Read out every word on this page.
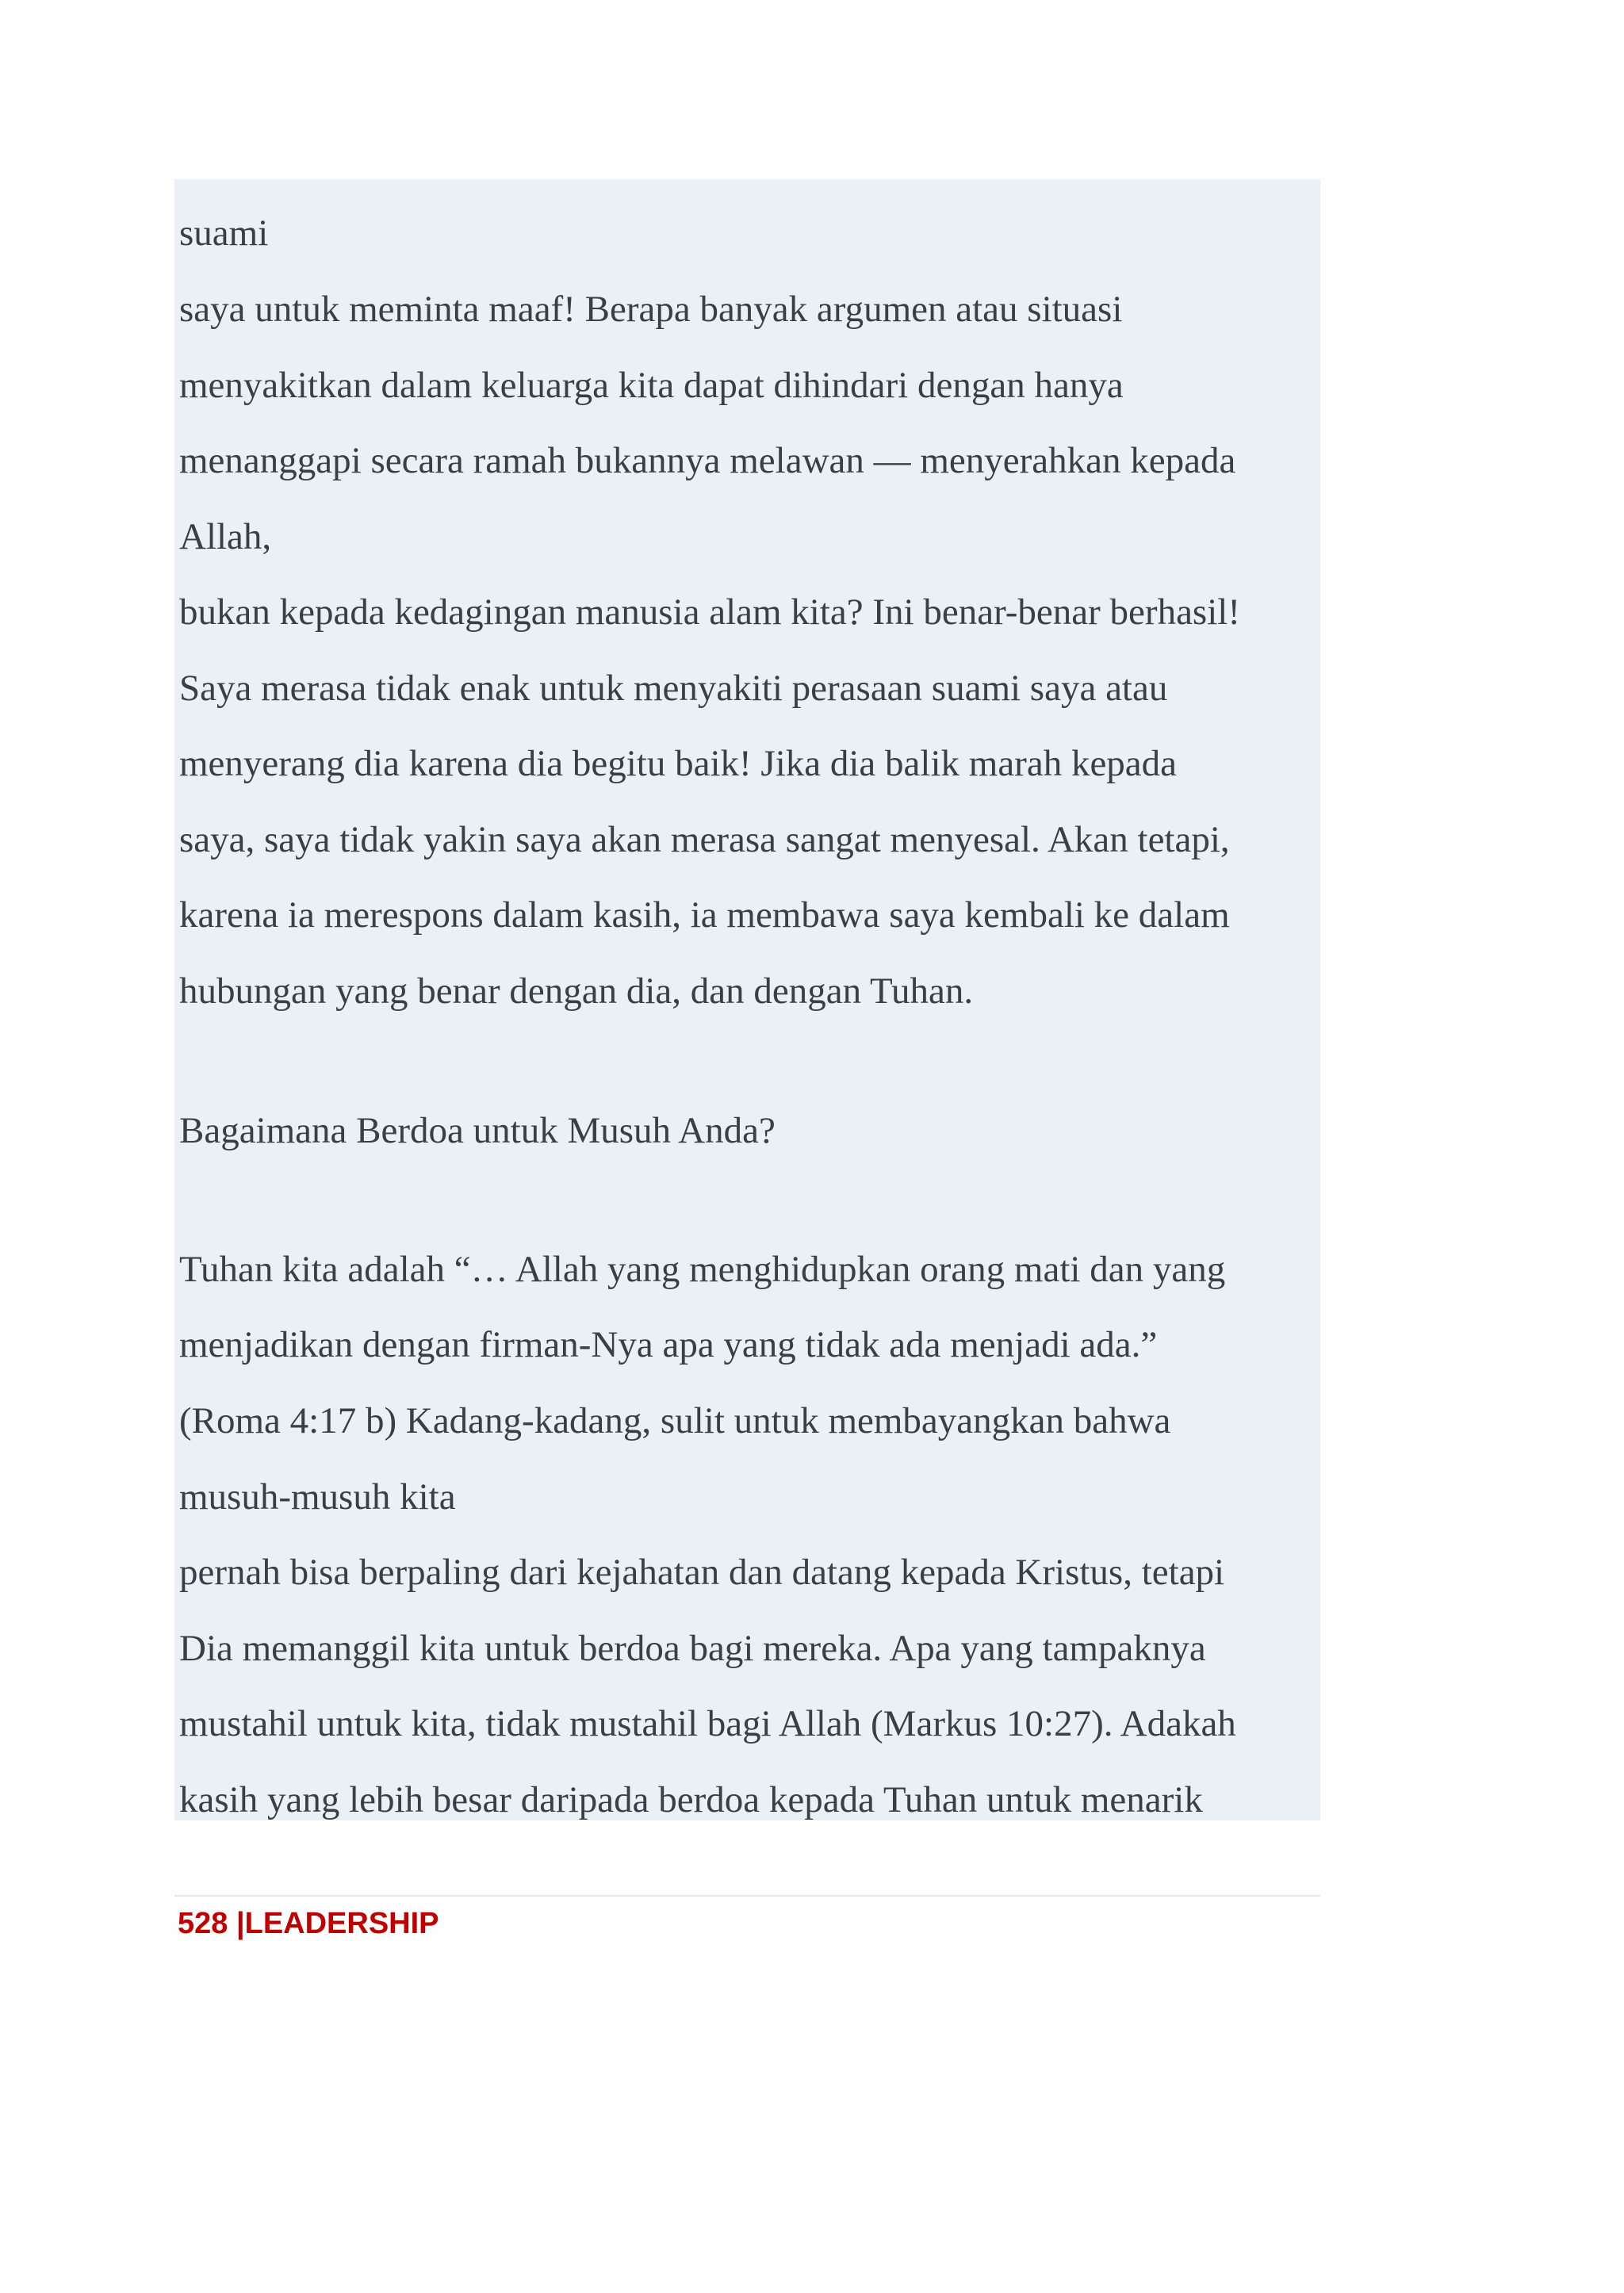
suami

saya untuk meminta maaf! Berapa banyak argumen atau situasi

menyakitkan dalam keluarga kita dapat dihindari dengan hanya

menanggapi secara ramah bukannya melawan — menyerahkan kepada

Allah,

bukan kepada kedagingan manusia alam kita? Ini benar-benar berhasil!

Saya merasa tidak enak untuk menyakiti perasaan suami saya atau

menyerang dia karena dia begitu baik! Jika dia balik marah kepada

saya, saya tidak yakin saya akan merasa sangat menyesal. Akan tetapi,

karena ia merespons dalam kasih, ia membawa saya kembali ke dalam

hubungan yang benar dengan dia, dan dengan Tuhan.

Bagaimana Berdoa untuk Musuh Anda?

Tuhan kita adalah “… Allah yang menghidupkan orang mati dan yang

menjadikan dengan firman-Nya apa yang tidak ada menjadi ada.”

(Roma 4:17 b) Kadang-kadang, sulit untuk membayangkan bahwa

musuh-musuh kita

pernah bisa berpaling dari kejahatan dan datang kepada Kristus, tetapi

Dia memanggil kita untuk berdoa bagi mereka. Apa yang tampaknya

mustahil untuk kita, tidak mustahil bagi Allah (Markus 10:27). Adakah

kasih yang lebih besar daripada berdoa kepada Tuhan untuk menarik

528 |LEADERSHIP
